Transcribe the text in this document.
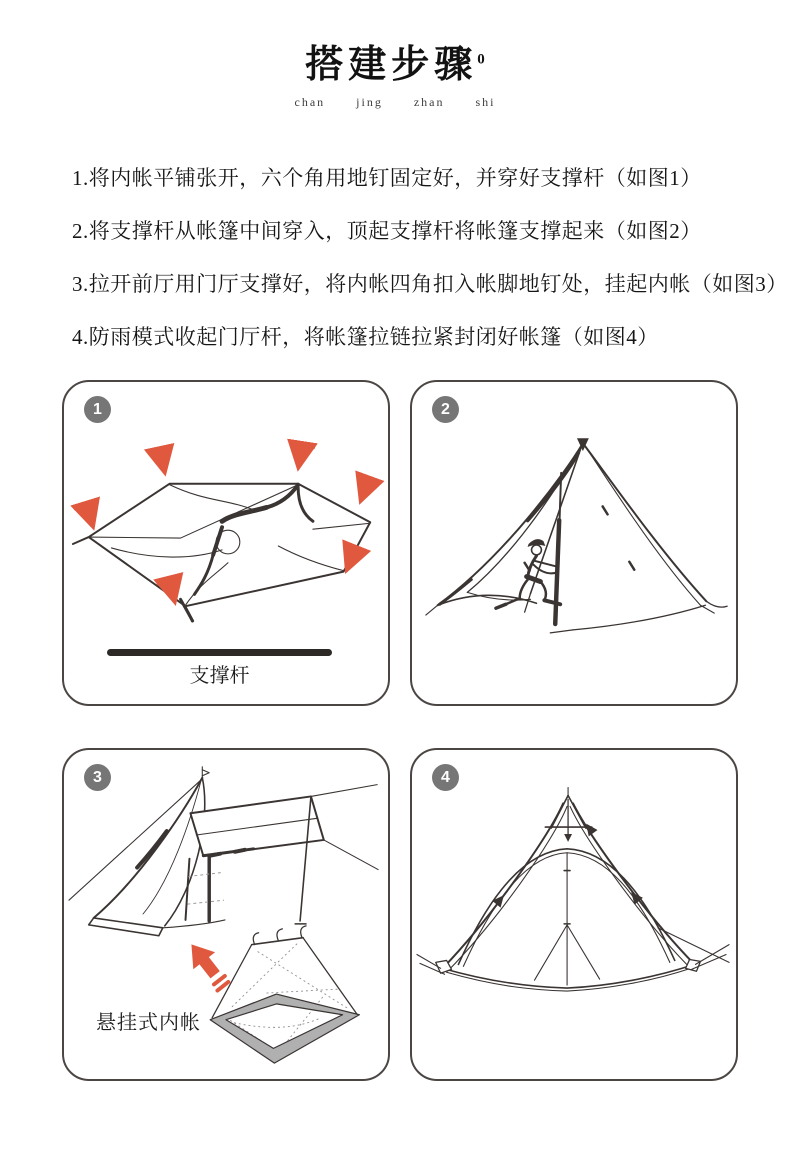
搭建步骤$^0$
chan jing zhan shi
1.将内帐平铺张开，六个角用地钉固定好，并穿好支撑杆（如图1）
2.将支撑杆从帐篷中间穿入，顶起支撑杆将帐篷支撑起来（如图2）
3.拉开前厅用门厅支撑好，将内帐四角扣入帐脚地钉处，挂起内帐（如图3）
4.防雨模式收起门厅杆，将帐篷拉链拉紧封闭好帐篷（如图4）
1
支撑杆
2
3
悬挂式内帐
4
